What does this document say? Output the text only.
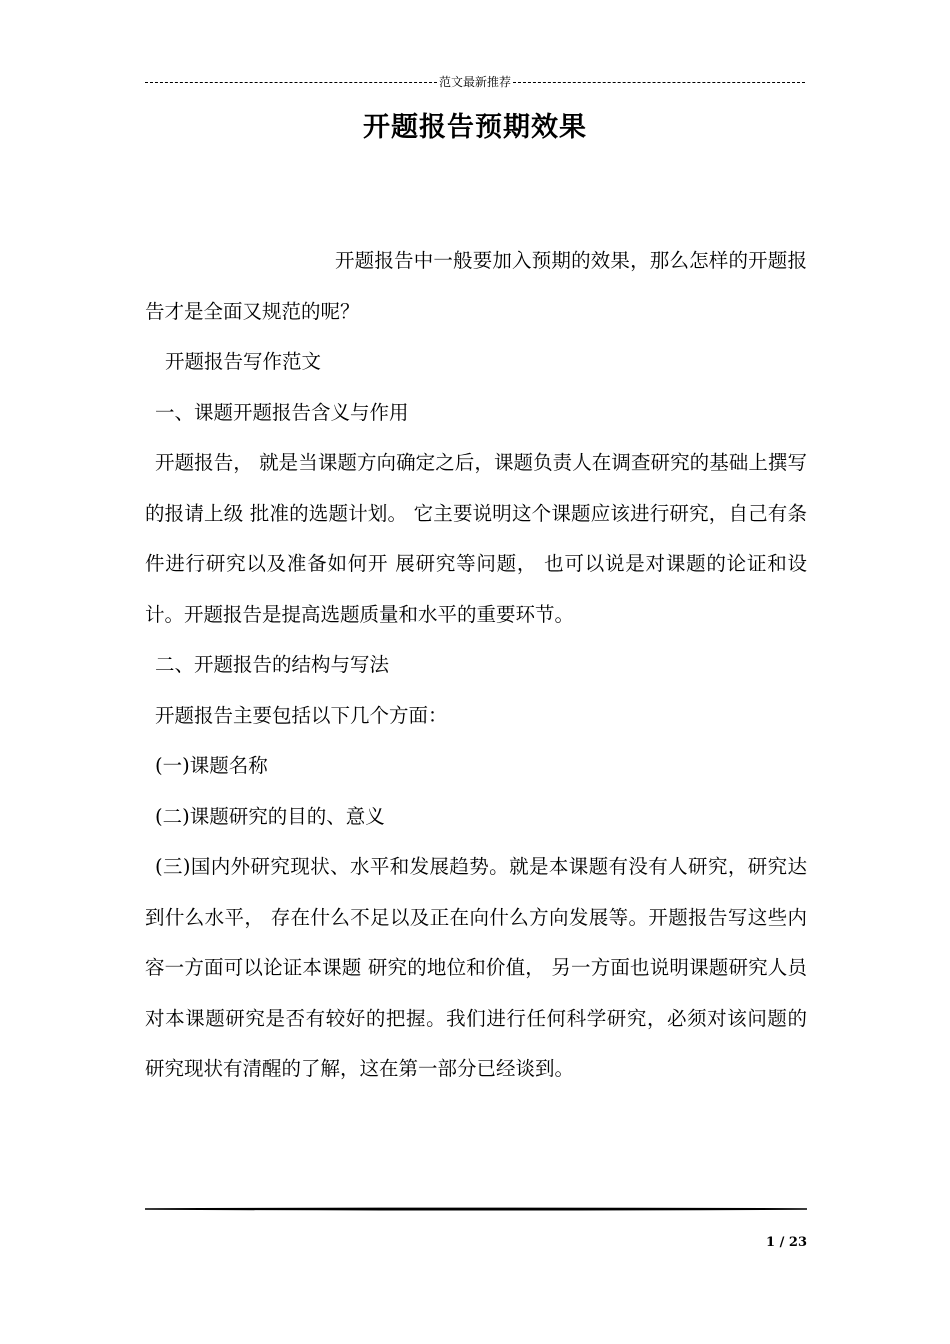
范文最新推荐
开题报告预期效果

开题报告中一般要加入预期的效果，那么怎样的开题报告才是全面又规范的呢？

开题报告写作范文

一、课题开题报告含义与作用

开题报告， 就是当课题方向确定之后，课题负责人在调查研究的基础上撰写的报请上级 批准的选题计划。 它主要说明这个课题应该进行研究，自己有条件进行研究以及准备如何开 展研究等问题， 也可以说是对课题的论证和设计。开题报告是提高选题质量和水平的重要环节。

二、开题报告的结构与写法

开题报告主要包括以下几个方面：

(一)课题名称

(二)课题研究的目的、意义

(三)国内外研究现状、水平和发展趋势。就是本课题有没有人研究，研究达到什么水平， 存在什么不足以及正在向什么方向发展等。开题报告写这些内容一方面可以论证本课题 研究的地位和价值， 另一方面也说明课题研究人员对本课题研究是否有较好的把握。我们进行任何科学研究，必须对该问题的研究现状有清醒的了解，这在第一部分已经谈到。

1 / 23
